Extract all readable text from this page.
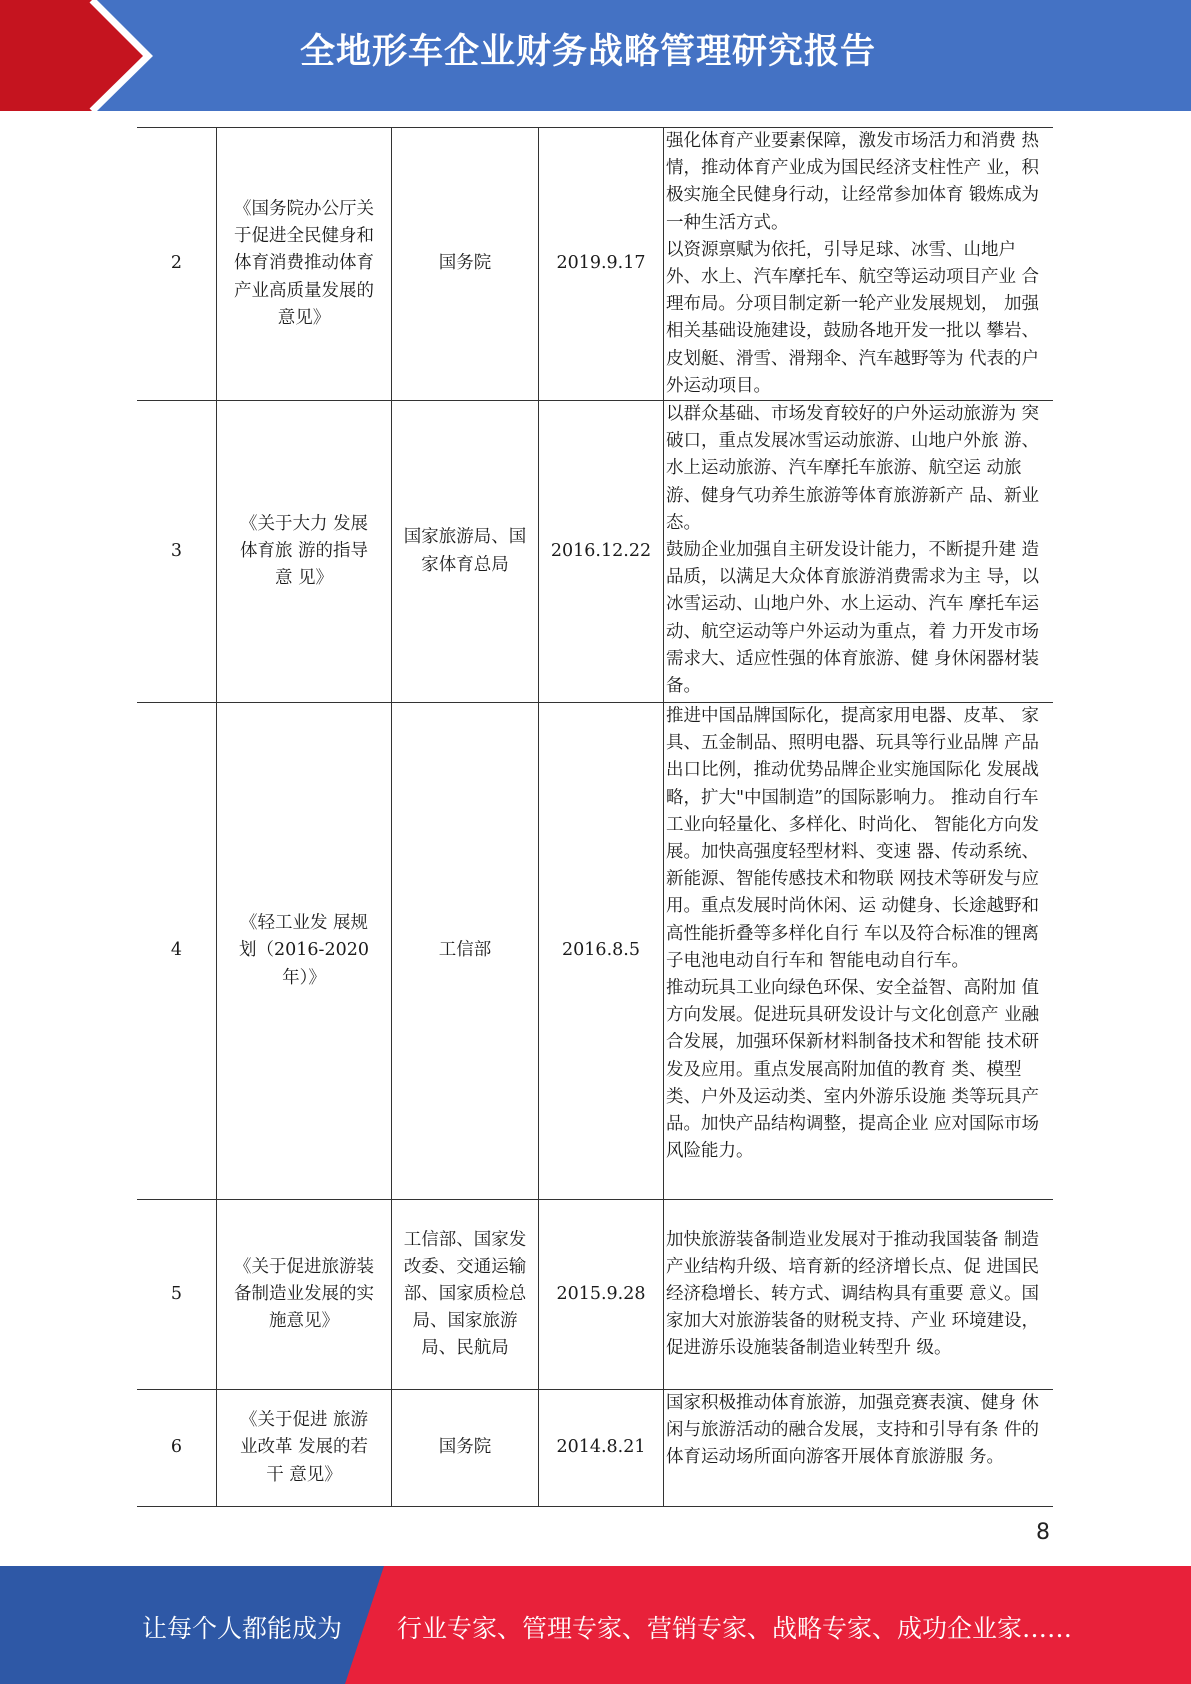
全地形车企业财务战略管理研究报告
2	《国务院办公厅关于促进全民健身和体育消费推动体育产业高质量发展的意见》	国务院	2019.9.17	强化体育产业要素保障，激发市场活力和消费 热情，推动体育产业成为国民经济支柱性产 业，积极实施全民健身行动，让经常参加体育 锻炼成为一种生活方式。
以资源禀赋为依托，引导足球、冰雪、山地户 外、水上、汽车摩托车、航空等运动项目产业 合理布局。分项目制定新一轮产业发展规划， 加强相关基础设施建设，鼓励各地开发一批以 攀岩、皮划艇、滑雪、滑翔伞、汽车越野等为 代表的户外运动项目。

3	《关于大力 发展体育旅 游的指导意 见》	国家旅游局、国家体育总局	2016.12.22	以群众基础、市场发育较好的户外运动旅游为 突破口，重点发展冰雪运动旅游、山地户外旅 游、水上运动旅游、汽车摩托车旅游、航空运 动旅游、健身气功养生旅游等体育旅游新产 品、新业态。
鼓励企业加强自主研发设计能力，不断提升建 造品质，以满足大众体育旅游消费需求为主 导，以冰雪运动、山地户外、水上运动、汽车 摩托车运动、航空运动等户外运动为重点，着 力开发市场需求大、适应性强的体育旅游、健 身休闲器材装备。

4	《轻工业发 展规划（2016-2020年）》	工信部	2016.8.5	推进中国品牌国际化，提高家用电器、皮革、 家具、五金制品、照明电器、玩具等行业品牌 产品出口比例，推动优势品牌企业实施国际化 发展战略，扩大"中国制造”的国际影响力。 推动自行车工业向轻量化、多样化、时尚化、 智能化方向发展。加快高强度轻型材料、变速 器、传动系统、新能源、智能传感技术和物联 网技术等研发与应用。重点发展时尚休闲、运 动健身、长途越野和高性能折叠等多样化自行 车以及符合标准的锂离子电池电动自行车和 智能电动自行车。
推动玩具工业向绿色环保、安全益智、高附加 值方向发展。促进玩具研发设计与文化创意产 业融合发展，加强环保新材料制备技术和智能 技术研发及应用。重点发展高附加值的教育 类、模型类、户外及运动类、室内外游乐设施 类等玩具产品。加快产品结构调整，提高企业 应对国际市场风险能力。

5	《关于促进旅游装备制造业发展的实施意见》	工信部、国家发改委、交通运输部、国家质检总局、国家旅游局、民航局	2015.9.28	加快旅游装备制造业发展对于推动我国装备 制造产业结构升级、培育新的经济增长点、促 进国民经济稳增长、转方式、调结构具有重要 意义。国家加大对旅游装备的财税支持、产业 环境建设，促进游乐设施装备制造业转型升 级。

6	《关于促进 旅游业改革 发展的若干 意见》	国务院	2014.8.21	国家积极推动体育旅游，加强竞赛表演、健身 休闲与旅游活动的融合发展，支持和引导有条 件的体育运动场所面向游客开展体育旅游服 务。
8
让每个人都能成为 行业专家、管理专家、营销专家、战略专家、成功企业家……
